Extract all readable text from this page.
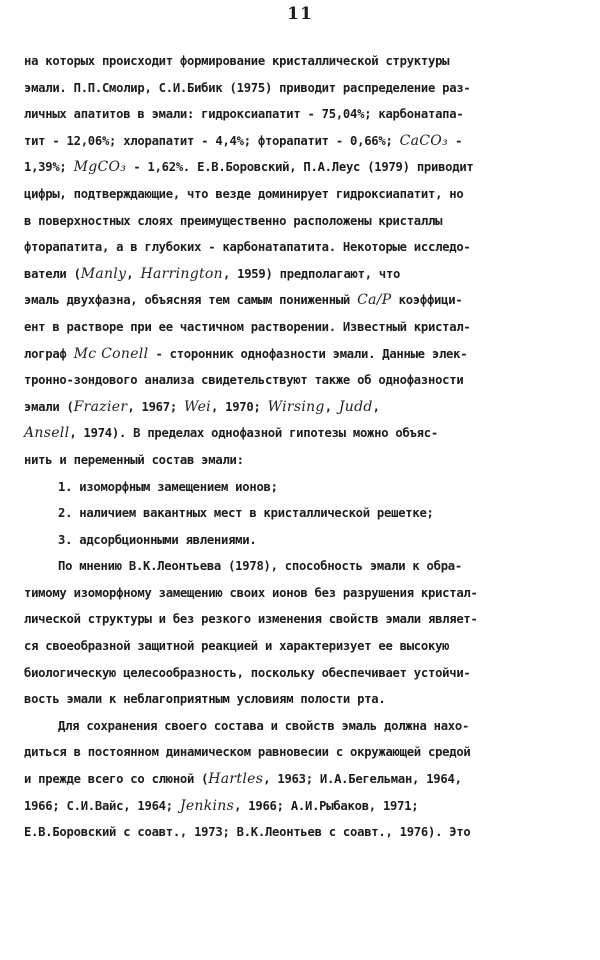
11
на которых происходит формирование кристаллической структуры
эмали. П.П.Смолир, С.И.Бибик (1975) приводит распределение раз-
личных апатитов в эмали: гидроксиапатит - 75,04%; карбонатапа-
тит - 12,06%; хлорапатит - 4,4%; фторапатит - 0,66%; CaCO₃ -
1,39%; MgCO₃ - 1,62%. Е.В.Боровский, П.А.Леус (1979) приводит
цифры, подтверждающие, что везде доминирует гидроксиапатит, но
в поверхностных слоях преимущественно расположены кристаллы
фторапатита, а в глубоких - карбонатапатита. Некоторые исследо-
ватели (Manly, Harrington, 1959) предполагают, что
эмаль двухфазна, объясняя тем самым пониженный Ca/P коэффици-
ент в растворе при ее частичном растворении. Известный кристал-
лограф Mc Conell - сторонник однофазности эмали. Данные элек-
тронно-зондового анализа свидетельствуют также об однофазности
эмали (Frazier, 1967; Wei, 1970; Wirsing, Judd,
Ansell, 1974). В пределах однофазной гипотезы можно объяс-
нить и переменный состав эмали:
1. изоморфным замещением ионов;
2. наличием вакантных мест в кристаллической решетке;
3. адсорбционными явлениями.
По мнению В.К.Леонтьева (1978), способность эмали к обра-
тимому изоморфному замещению своих ионов без разрушения кристал-
лической структуры и без резкого изменения свойств эмали являет-
ся своеобразной защитной реакцией и характеризует ее высокую
биологическую целесообразность, поскольку обеспечивает устойчи-
вость эмали к неблагоприятным условиям полости рта.
Для сохранения своего состава и свойств эмаль должна нахо-
диться в постоянном динамическом равновесии с окружающей средой
и прежде всего со слюной (Hartles, 1963; И.А.Бегельман, 1964,
1966; С.И.Вайс, 1964; Jenkins, 1966; А.И.Рыбаков, 1971;
Е.В.Боровский с соавт., 1973; В.К.Леонтьев с соавт., 1976). Это
